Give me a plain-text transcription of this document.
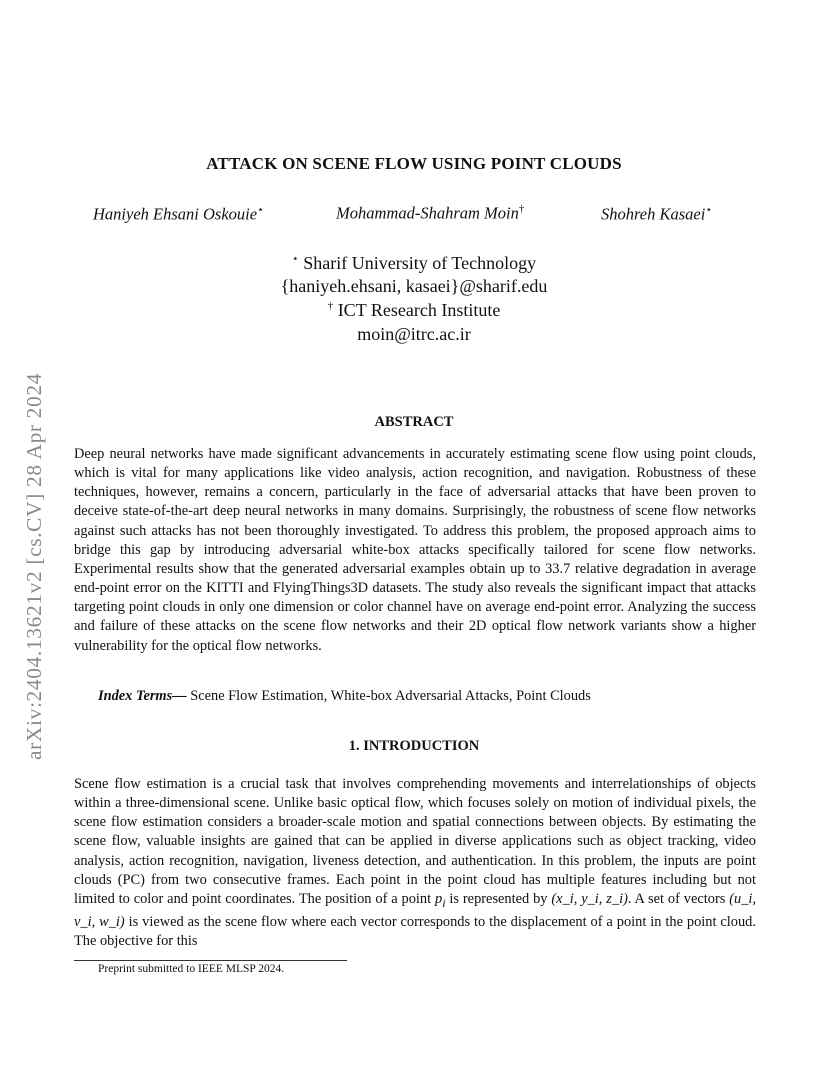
arXiv:2404.13621v2 [cs.CV] 28 Apr 2024
ATTACK ON SCENE FLOW USING POINT CLOUDS
Haniyeh Ehsani Oskouie⋆	Mohammad-Shahram Moin†	Shohreh Kasaei⋆
⋆ Sharif University of Technology
{haniyeh.ehsani, kasaei}@sharif.edu
† ICT Research Institute
moin@itrc.ac.ir
ABSTRACT

Deep neural networks have made significant advancements in accurately estimating scene flow using point clouds, which is vital for many applications like video analysis, action recognition, and navigation. Robustness of these techniques, however, remains a concern, particularly in the face of adversarial attacks that have been proven to deceive state-of-the-art deep neural networks in many domains. Surprisingly, the robustness of scene flow networks against such attacks has not been thoroughly investigated. To address this problem, the proposed approach aims to bridge this gap by introducing adversarial white-box attacks specifically tailored for scene flow networks. Experimental results show that the generated adversarial examples obtain up to 33.7 relative degradation in average end-point error on the KITTI and FlyingThings3D datasets. The study also reveals the significant impact that attacks targeting point clouds in only one dimension or color channel have on average end-point error. Analyzing the success and failure of these attacks on the scene flow networks and their 2D optical flow network variants show a higher vulnerability for the optical flow networks.

Index Terms— Scene Flow Estimation, White-box Adversarial Attacks, Point Clouds
1. INTRODUCTION

Scene flow estimation is a crucial task that involves comprehending movements and interrelationships of objects within a three-dimensional scene. Unlike basic optical flow, which focuses solely on motion of individual pixels, the scene flow estimation considers a broader-scale motion and spatial connections between objects. By estimating the scene flow, valuable insights are gained that can be applied in diverse applications such as object tracking, video analysis, action recognition, navigation, liveness detection, and authentication. In this problem, the inputs are point clouds (PC) from two consecutive frames. Each point in the point cloud has multiple features including but not limited to color and point coordinates. The position of a point $p_i$ is represented by (x_i, y_i, z_i). A set of vectors (u_i, v_i, w_i) is viewed as the scene flow where each vector corresponds to the displacement of a point in the point cloud. The objective for this

Preprint submitted to IEEE MLSP 2024.
